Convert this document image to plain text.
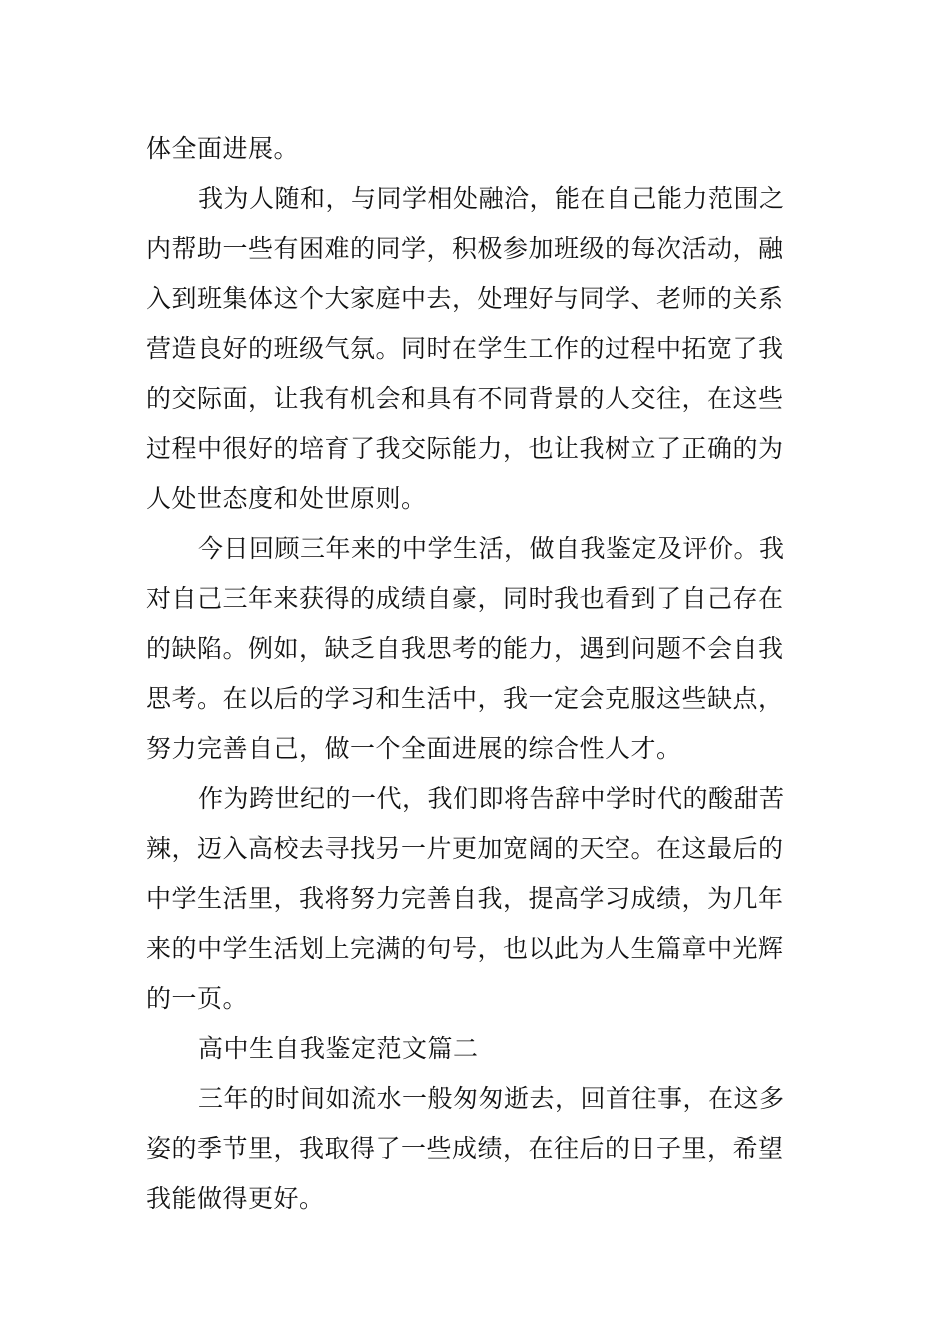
体全面进展。
我为人随和，与同学相处融洽，能在自己能力范围之
内帮助一些有困难的同学，积极参加班级的每次活动，融
入到班集体这个大家庭中去，处理好与同学、老师的关系
营造良好的班级气氛。同时在学生工作的过程中拓宽了我
的交际面，让我有机会和具有不同背景的人交往，在这些
过程中很好的培育了我交际能力，也让我树立了正确的为
人处世态度和处世原则。
今日回顾三年来的中学生活，做自我鉴定及评价。我
对自己三年来获得的成绩自豪，同时我也看到了自己存在
的缺陷。例如，缺乏自我思考的能力，遇到问题不会自我
思考。在以后的学习和生活中，我一定会克服这些缺点，
努力完善自己，做一个全面进展的综合性人才。
作为跨世纪的一代，我们即将告辞中学时代的酸甜苦
辣，迈入高校去寻找另一片更加宽阔的天空。在这最后的
中学生活里，我将努力完善自我，提高学习成绩，为几年
来的中学生活划上完满的句号，也以此为人生篇章中光辉
的一页。
高中生自我鉴定范文篇二
三年的时间如流水一般匆匆逝去，回首往事，在这多
姿的季节里，我取得了一些成绩，在往后的日子里，希望
我能做得更好。
